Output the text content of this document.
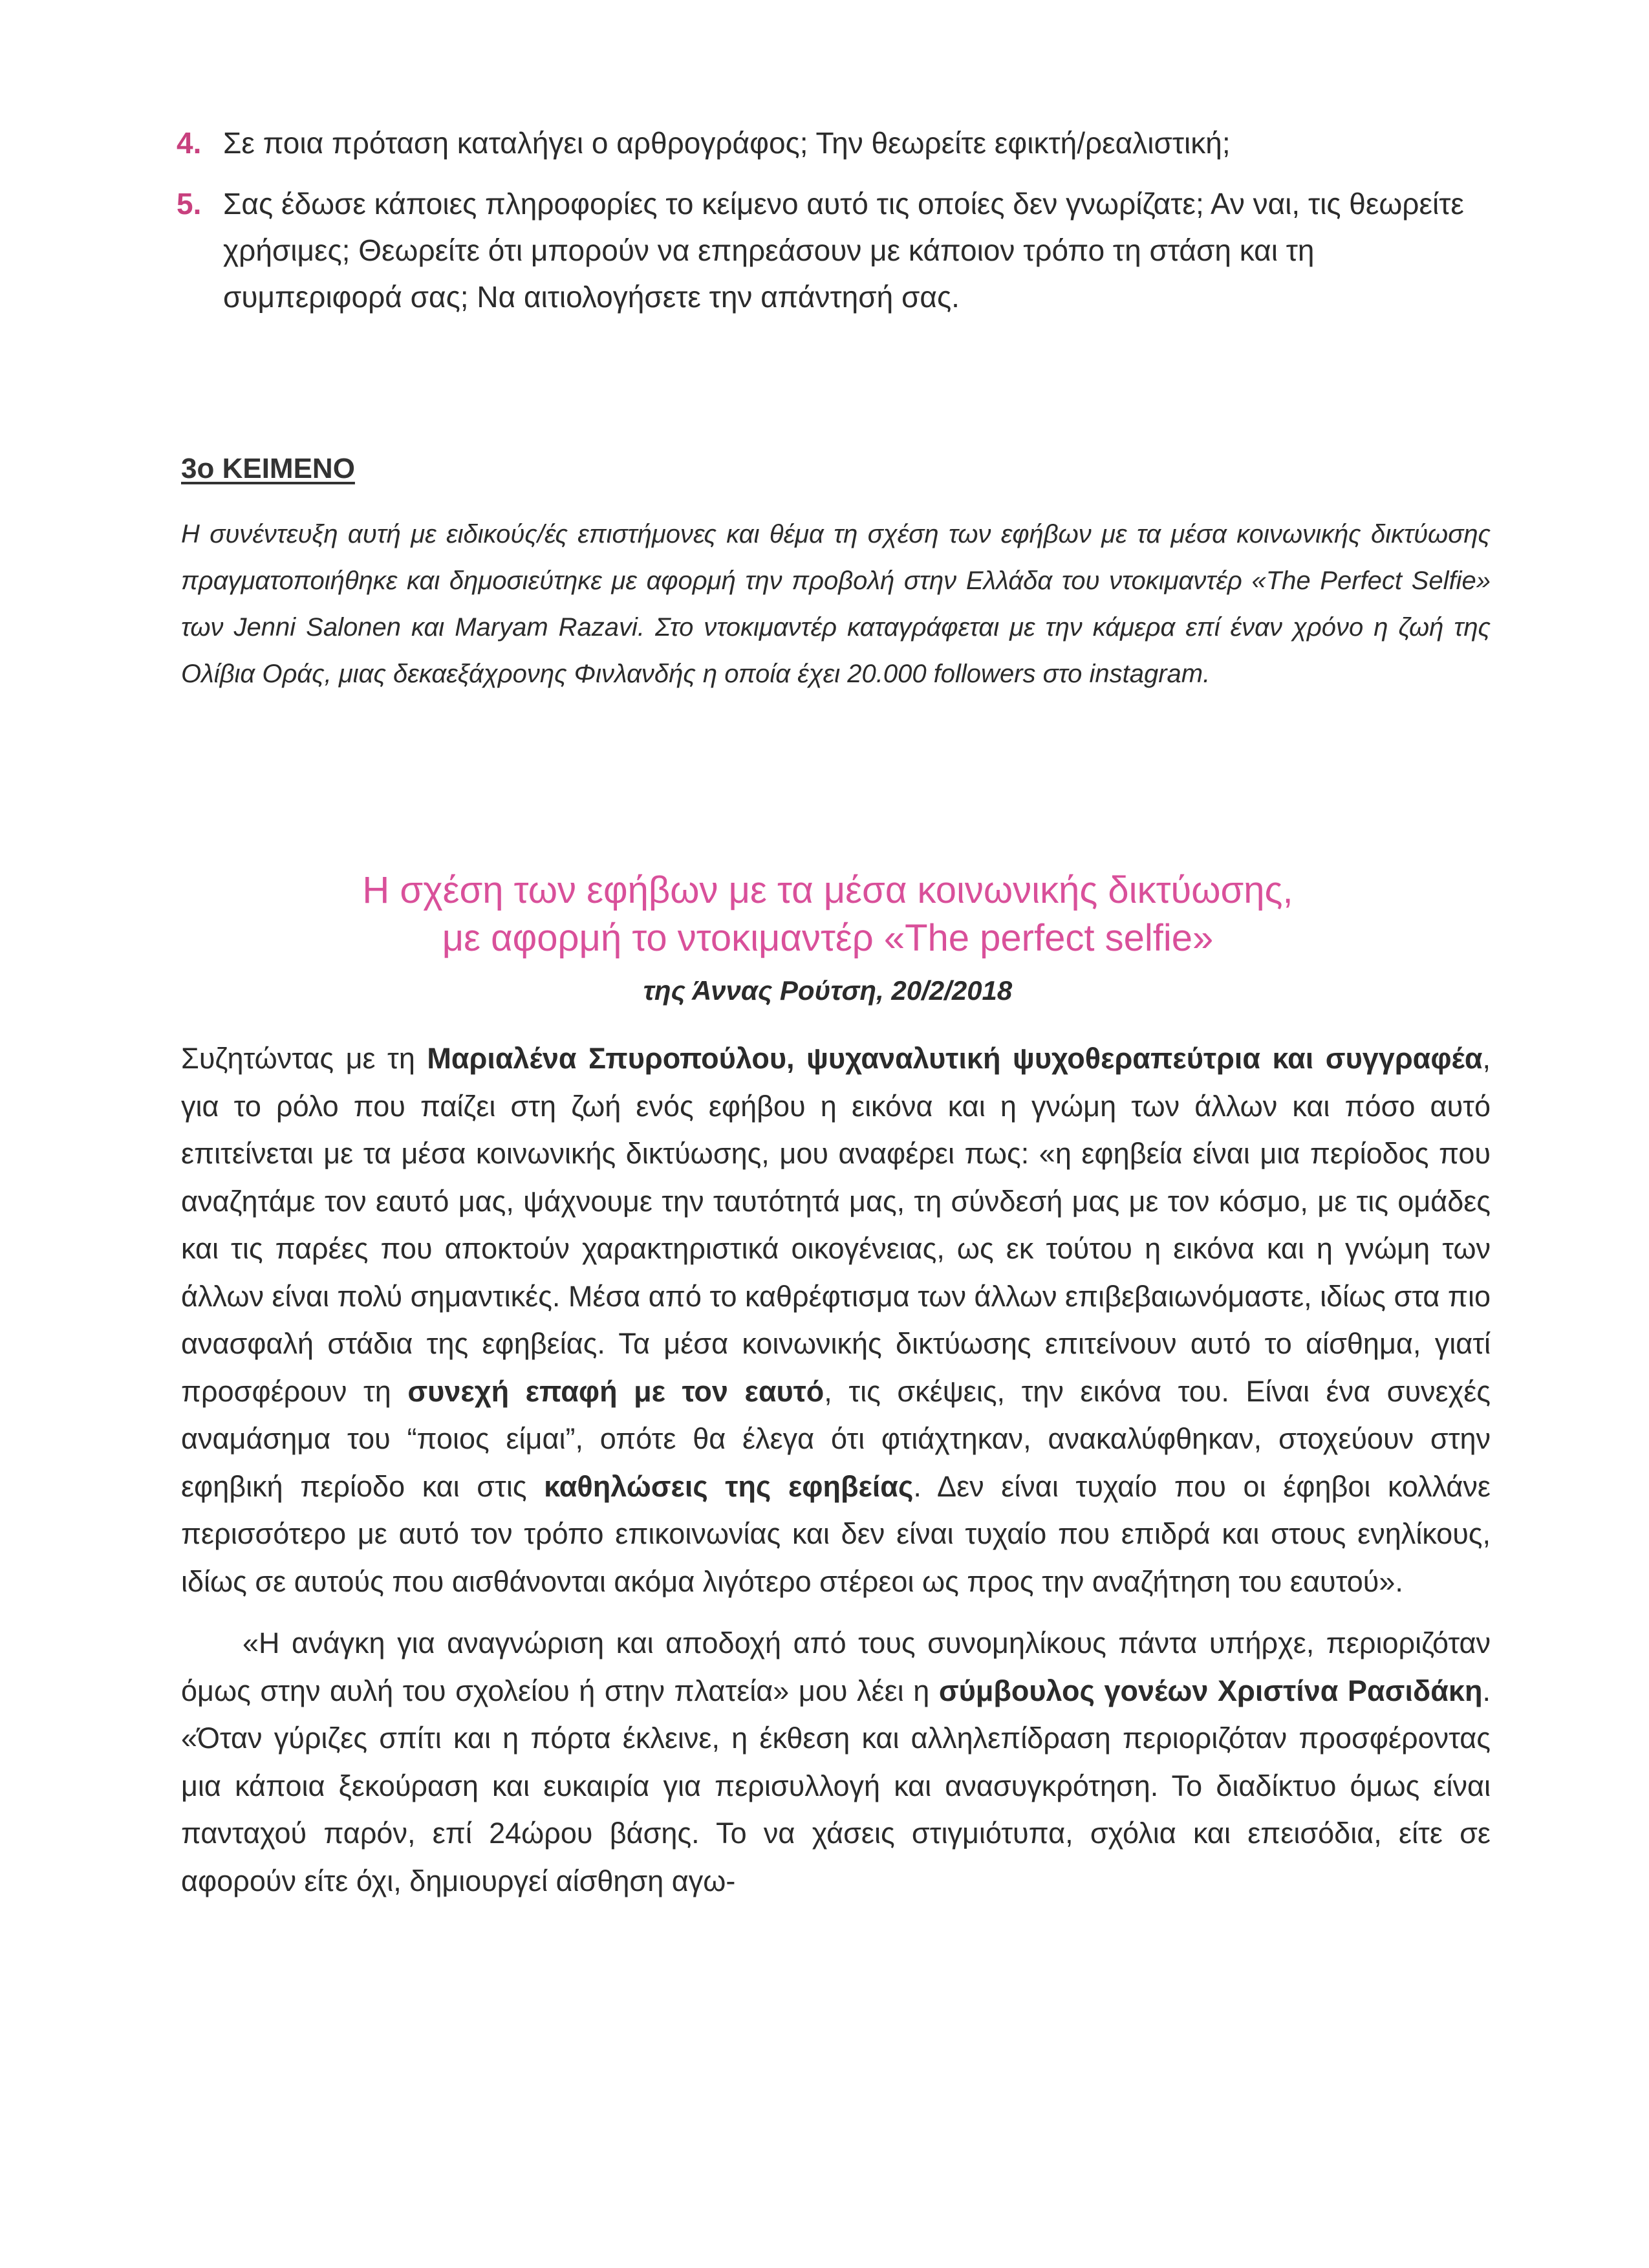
4. Σε ποια πρόταση καταλήγει ο αρθρογράφος; Την θεωρείτε εφικτή/ρεαλιστική;
5. Σας έδωσε κάποιες πληροφορίες το κείμενο αυτό τις οποίες δεν γνωρίζατε; Αν ναι, τις θεωρείτε χρήσιμες; Θεωρείτε ότι μπορούν να επηρεάσουν με κάποιον τρόπο τη στάση και τη συμπεριφορά σας; Να αιτιολογήσετε την απάντησή σας.
3ο ΚΕΙΜΕΝΟ
Η συνέντευξη αυτή με ειδικούς/ές επιστήμονες και θέμα τη σχέση των εφήβων με τα μέσα κοινωνικής δικτύωσης πραγματοποιήθηκε και δημοσιεύτηκε με αφορμή την προβολή στην Ελλάδα του ντοκιμαντέρ «The Perfect Selfie» των Jenni Salonen και Maryam Razavi. Στο ντοκιμαντέρ καταγράφεται με την κάμερα επί έναν χρόνο η ζωή της Ολίβια Οράς, μιας δεκαεξάχρονης Φινλανδής η οποία έχει 20.000 followers στο instagram.
Η σχέση των εφήβων με τα μέσα κοινωνικής δικτύωσης,
με αφορμή το ντοκιμαντέρ «The perfect selfie»
της Άννας Ρούτση, 20/2/2018

Συζητώντας με τη Μαριαλένα Σπυροπούλου, ψυχαναλυτική ψυχοθεραπεύτρια και συγγραφέα, για το ρόλο που παίζει στη ζωή ενός εφήβου η εικόνα και η γνώμη των άλλων και πόσο αυτό επιτείνεται με τα μέσα κοινωνικής δικτύωσης, μου αναφέρει πως: «η εφηβεία είναι μια περίοδος που αναζητάμε τον εαυτό μας, ψάχνουμε την ταυτότητά μας, τη σύνδεσή μας με τον κόσμο, με τις ομάδες και τις παρέες που αποκτούν χαρακτηριστικά οικογένειας, ως εκ τούτου η εικόνα και η γνώμη των άλλων είναι πολύ σημαντικές. Μέσα από το καθρέφτισμα των άλλων επιβεβαιωνόμαστε, ιδίως στα πιο ανασφαλή στάδια της εφηβείας. Τα μέσα κοινωνικής δικτύωσης επιτείνουν αυτό το αίσθημα, γιατί προσφέρουν τη συνεχή επαφή με τον εαυτό, τις σκέψεις, την εικόνα του. Είναι ένα συνεχές αναμάσημα του “ποιος είμαι”, οπότε θα έλεγα ότι φτιάχτηκαν, ανακαλύφθηκαν, στοχεύουν στην εφηβική περίοδο και στις καθηλώσεις της εφηβείας. Δεν είναι τυχαίο που οι έφηβοι κολλάνε περισσότερο με αυτό τον τρόπο επικοινωνίας και δεν είναι τυχαίο που επιδρά και στους ενηλίκους, ιδίως σε αυτούς που αισθάνονται ακόμα λιγότερο στέρεοι ως προς την αναζήτηση του εαυτού».

«Η ανάγκη για αναγνώριση και αποδοχή από τους συνομηλίκους πάντα υπήρχε, περιοριζόταν όμως στην αυλή του σχολείου ή στην πλατεία» μου λέει η σύμβουλος γονέων Χριστίνα Ρασιδάκη. «Όταν γύριζες σπίτι και η πόρτα έκλεινε, η έκθεση και αλληλεπίδραση περιοριζόταν προσφέροντας μια κάποια ξεκούραση και ευκαιρία για περισυλλογή και ανασυγκρότηση. Το διαδίκτυο όμως είναι πανταχού παρόν, επί 24ώρου βάσης. Το να χάσεις στιγμιότυπα, σχόλια και επεισόδια, είτε σε αφορούν είτε όχι, δημιουργεί αίσθηση αγω-
